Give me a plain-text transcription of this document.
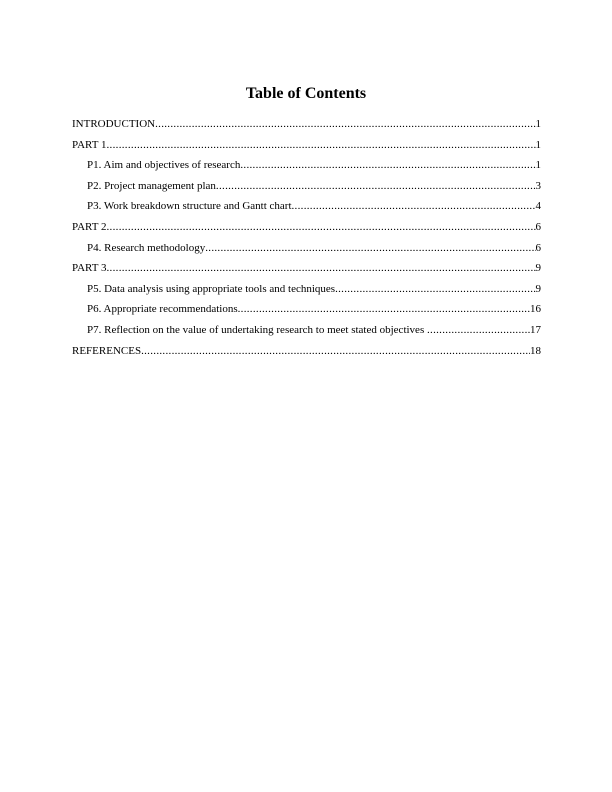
Table of Contents
INTRODUCTION .....	1
PART 1 .....	1
P1. Aim and objectives of research .....	1
P2. Project management plan .....	3
P3. Work breakdown structure and Gantt chart .....	4
PART 2 .....	6
P4. Research methodology .....	6
PART 3 .....	9
P5. Data analysis using appropriate tools and techniques .....	9
P6. Appropriate recommendations .....	16
P7. Reflection on the value of undertaking research to meet stated objectives .....	17
REFERENCES .....	18
